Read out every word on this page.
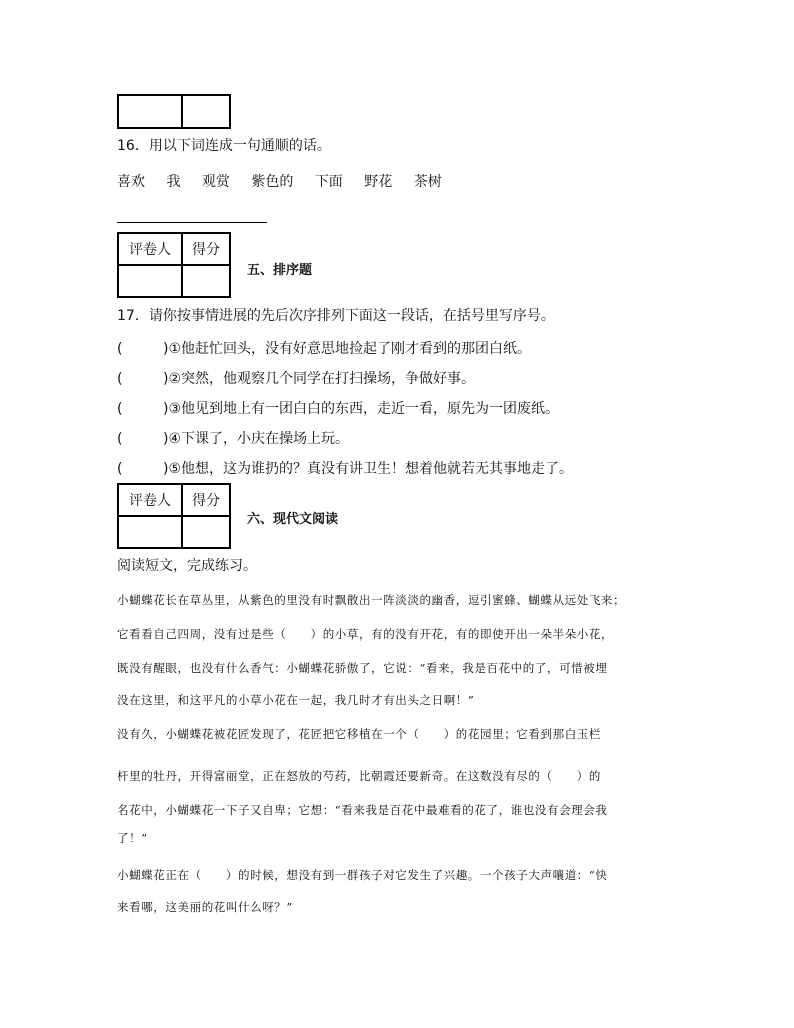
16．用以下词连成一句通顺的话。
喜欢 我 观赏 紫色的 下面 野花 茶树
评卷人	得分

五、排序题
17．请你按事情进展的先后次序排列下面这一段话，在括号里写序号。
(	)①他赶忙回头，没有好意思地捡起了刚才看到的那团白纸。
(	)②突然，他观察几个同学在打扫操场，争做好事。
(	)③他见到地上有一团白白的东西，走近一看，原先为一团废纸。
(	)④下课了，小庆在操场上玩。
(	)⑤他想，这为谁扔的？真没有讲卫生！想着他就若无其事地走了。
评卷人	得分

六、现代文阅读
阅读短文，完成练习。
小蝴蝶花长在草丛里，从紫色的里没有时飘散出一阵淡淡的幽香，逗引蜜蜂、蝴蝶从远处飞来；
它看看自己四周，没有过是些（　　）的小草，有的没有开花，有的即使开出一朵半朵小花，
既没有醒眼，也没有什么香气：小蝴蝶花骄傲了，它说：“看来，我是百花中的了，可惜被埋
没在这里，和这平凡的小草小花在一起，我几时才有出头之日啊！”
没有久，小蝴蝶花被花匠发现了，花匠把它移植在一个（　　）的花园里；它看到那白玉栏
杆里的牡丹，开得富丽堂，正在怒放的芍药，比朝霞还要新奇。在这数没有尽的（　　）的
名花中，小蝴蝶花一下子又自卑；它想：“看来我是百花中最难看的花了，谁也没有会理会我
了！”
小蝴蝶花正在（　　）的时候，想没有到一群孩子对它发生了兴趣。一个孩子大声嚷道：“快
来看哪，这美丽的花叫什么呀？”
